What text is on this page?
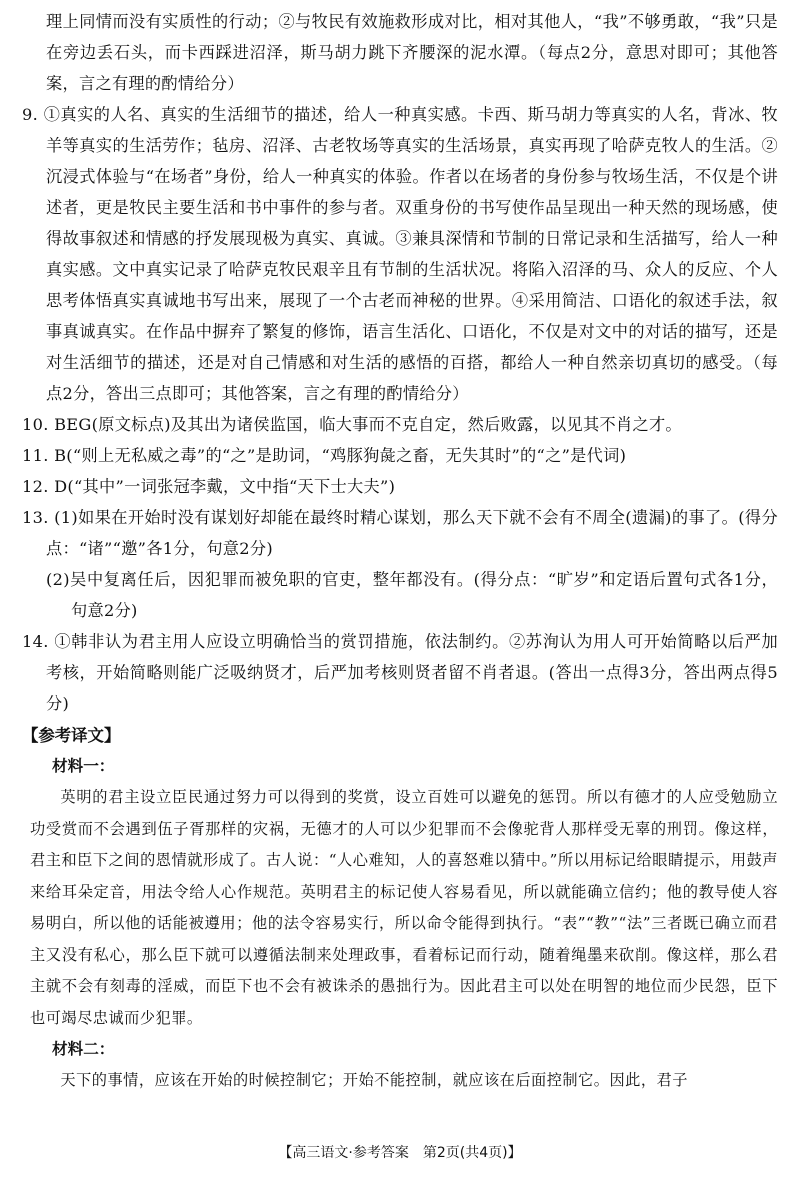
理上同情而没有实质性的行动；②与牧民有效施救形成对比，相对其他人，“我”不够勇敢，“我”只是在旁边丢石头，而卡西踩进沼泽，斯马胡力跳下齐腰深的泥水潭。（每点2分，意思对即可；其他答案，言之有理的酌情给分）

9. ①真实的人名、真实的生活细节的描述，给人一种真实感。卡西、斯马胡力等真实的人名，背冰、牧羊等真实的生活劳作；毡房、沼泽、古老牧场等真实的生活场景，真实再现了哈萨克牧人的生活。②沉浸式体验与“在场者”身份，给人一种真实的体验。作者以在场者的身份参与牧场生活，不仅是个讲述者，更是牧民主要生活和书中事件的参与者。双重身份的书写使作品呈现出一种天然的现场感，使得故事叙述和情感的抒发展现极为真实、真诚。③兼具深情和节制的日常记录和生活描写，给人一种真实感。文中真实记录了哈萨克牧民艰辛且有节制的生活状况。将陷入沼泽的马、众人的反应、个人思考体悟真实真诚地书写出来，展现了一个古老而神秘的世界。④采用简洁、口语化的叙述手法，叙事真诚真实。在作品中摒弃了繁复的修饰，语言生活化、口语化，不仅是对文中的对话的描写，还是对生活细节的描述，还是对自己情感和对生活的感悟的百搭，都给人一种自然亲切真切的感受。（每点2分，答出三点即可；其他答案，言之有理的酌情给分）

10. BEG(原文标点)及其出为诸侯监国，临大事而不克自定，然后败露，以见其不肖之才。

11. B(“则上无私威之毒”的“之”是助词，“鸡豚狗彘之畜，无失其时”的“之”是代词)

12. D(“其中”一词张冠李戴，文中指“天下士大夫”)

13. (1)如果在开始时没有谋划好却能在最终时精心谋划，那么天下就不会有不周全(遗漏)的事了。(得分点：“诸”“邀”各1分，句意2分)

(2)吴中复离任后，因犯罪而被免职的官吏，整年都没有。(得分点：“旷岁”和定语后置句式各1分，句意2分)

14. ①韩非认为君主用人应设立明确恰当的赏罚措施，依法制约。②苏洵认为用人可开始简略以后严加考核，开始简略则能广泛吸纳贤才，后严加考核则贤者留不肖者退。(答出一点得3分，答出两点得5分)

【参考译文】
材料一：

英明的君主设立臣民通过努力可以得到的奖赏，设立百姓可以避免的惩罚。所以有德才的人应受勉励立功受赏而不会遇到伍子胥那样的灾祸，无德才的人可以少犯罪而不会像驼背人那样受无辜的刑罚。像这样，君主和臣下之间的恩情就形成了。古人说：“人心难知，人的喜怒难以猜中。”所以用标记给眼睛提示，用鼓声来给耳朵定音，用法令给人心作规范。英明君主的标记使人容易看见，所以就能确立信约；他的教导使人容易明白，所以他的话能被遵用；他的法令容易实行，所以命令能得到执行。“表”“教”“法”三者既已确立而君主又没有私心，那么臣下就可以遵循法制来处理政事，看着标记而行动，随着绳墨来砍削。像这样，那么君主就不会有刻毒的淫威，而臣下也不会有被诛杀的愚拙行为。因此君主可以处在明智的地位而少民怨，臣下也可竭尽忠诚而少犯罪。

材料二：

天下的事情，应该在开始的时候控制它；开始不能控制，就应该在后面控制它。因此，君子

【高三语文·参考答案　第2页(共4页)】
